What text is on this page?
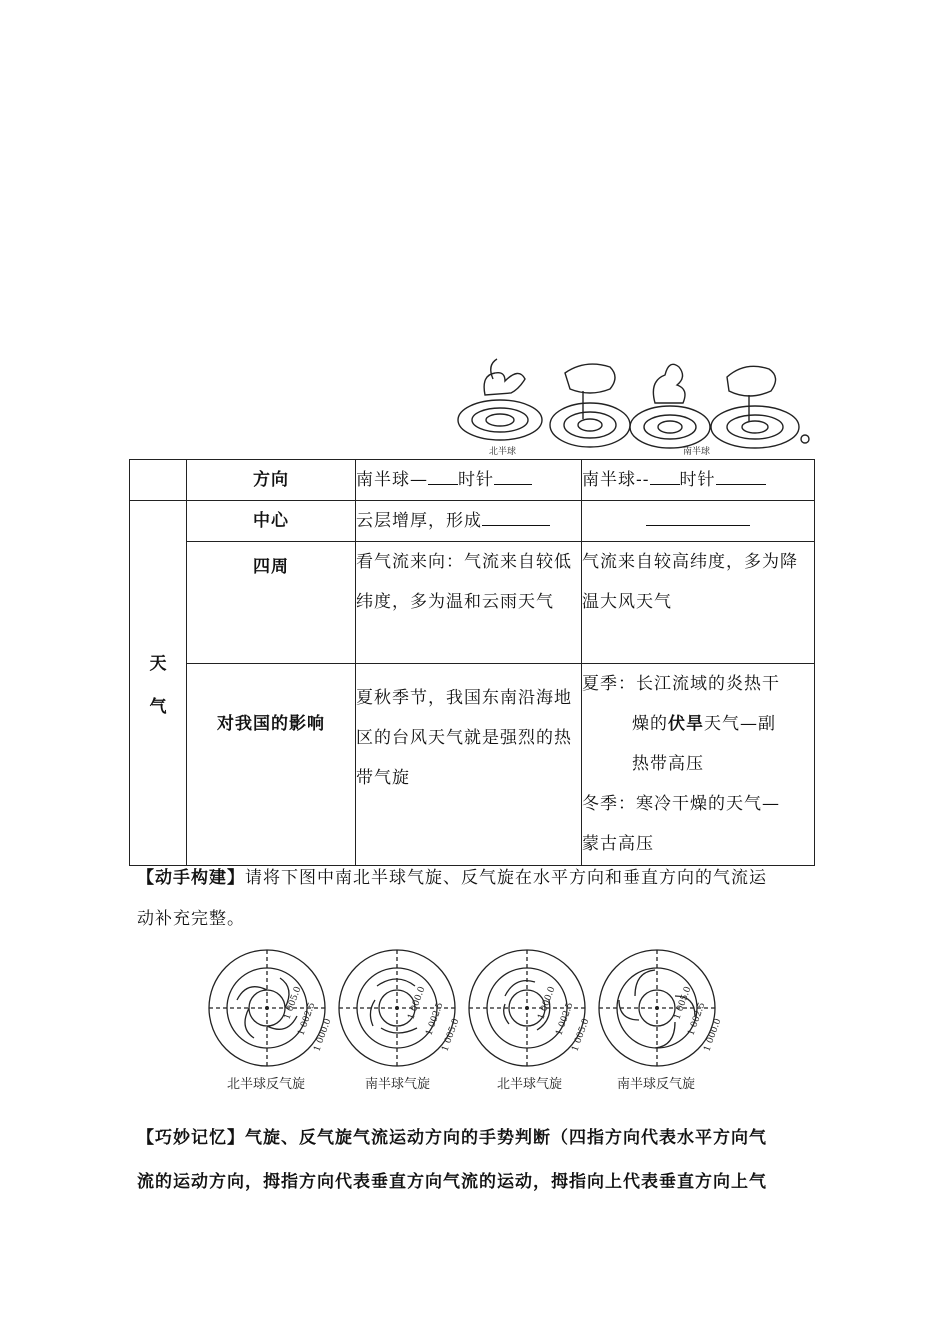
北半球	南半球
	方向	南半球— 时针	南半球-- 时针

天
气	中心	云层增厚，形成	
	四周	看气流来向：气流来自较低纬度，多为温和云雨天气	气流来自较高纬度，多为降温大风天气
	对我国的影响	夏秋季节，我国东南沿海地区的台风天气就是强烈的热带气旋	夏季：长江流域的炎热干
燥的伏旱天气—副
热带高压
冬季：寒冷干燥的天气—
蒙古高压
【动手构建】请将下图中南北半球气旋、反气旋在水平方向和垂直方向的气流运
动补充完整。
1 005.0
1 002.5
1 000.0
1 000.0
1 002.5
1 005.0
1 000.0
1 002.5
1 005.0
1 005.0
1 002.5
1 000.0
北半球反气旋	南半球气旋	北半球气旋	南半球反气旋
【巧妙记忆】气旋、反气旋气流运动方向的手势判断（四指方向代表水平方向气
流的运动方向，拇指方向代表垂直方向气流的运动，拇指向上代表垂直方向上气
